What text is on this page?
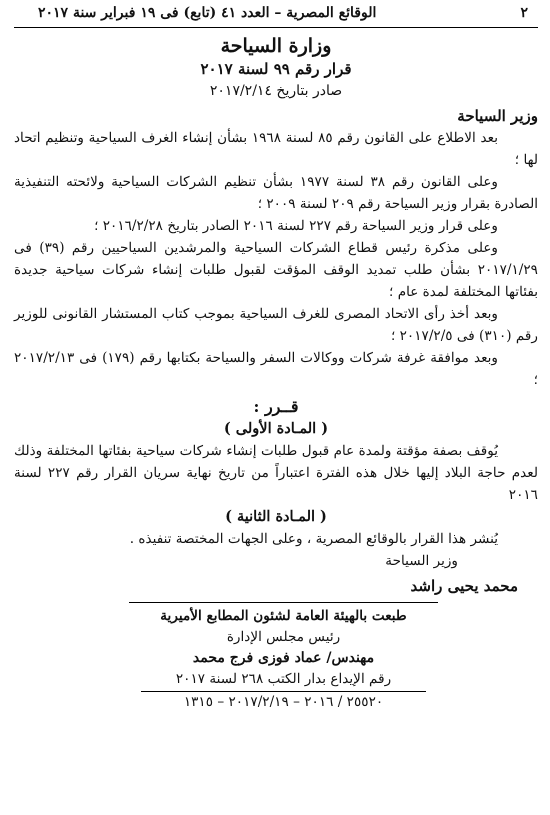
٢
الوقائع المصرية – العدد ٤١ (تابع) فى ١٩ فبراير سنة ٢٠١٧
وزارة السياحة
قرار رقم ٩٩ لسنة ٢٠١٧
صادر بتاريخ ٢٠١٧/٢/١٤
وزير السياحة
بعد الاطلاع على القانون رقم ٨٥ لسنة ١٩٦٨ بشأن إنشاء الغرف السياحية وتنظيم اتحاد لها ؛
وعلى القانون رقم ٣٨ لسنة ١٩٧٧ بشأن تنظيم الشركات السياحية ولائحته التنفيذية الصادرة بقرار وزير السياحة رقم ٢٠٩ لسنة ٢٠٠٩ ؛
وعلى قرار وزير السياحة رقم ٢٢٧ لسنة ٢٠١٦ الصادر بتاريخ ٢٠١٦/٢/٢٨ ؛
وعلى مذكرة رئيس قطاع الشركات السياحية والمرشدين السياحيين رقم (٣٩) فى ٢٠١٧/١/٢٩ بشأن طلب تمديد الوقف المؤقت لقبول طلبات إنشاء شركات سياحية جديدة بفئاتها المختلفة لمدة عام ؛
وبعد أخذ رأى الاتحاد المصرى للغرف السياحية بموجب كتاب المستشار القانونى للوزير رقم (٣١٠) فى ٢٠١٧/٢/٥ ؛
وبعد موافقة غرفة شركات ووكالات السفر والسياحة بكتابها رقم (١٧٩) فى ٢٠١٧/٢/١٣ ؛
قــرر :
( المـادة الأولى )
يُوقف بصفة مؤقتة ولمدة عام قبول طلبات إنشاء شركات سياحية بفئاتها المختلفة وذلك لعدم حاجة البلاد إليها خلال هذه الفترة اعتباراً من تاريخ نهاية سريان القرار رقم ٢٢٧ لسنة ٢٠١٦
( المـادة الثانية )
يُنشر هذا القرار بالوقائع المصرية ، وعلى الجهات المختصة تنفيذه .
وزير السياحة
محمد يحيى راشد
طبعت بالهيئة العامة لشئون المطابع الأميرية
رئيس مجلس الإدارة
مهندس/ عماد فوزى فرج محمد
رقم الإيداع بدار الكتب ٢٦٨ لسنة ٢٠١٧
٢٥٥٢٠ / ٢٠١٦ – ٢٠١٧/٢/١٩ – ١٣١٥
